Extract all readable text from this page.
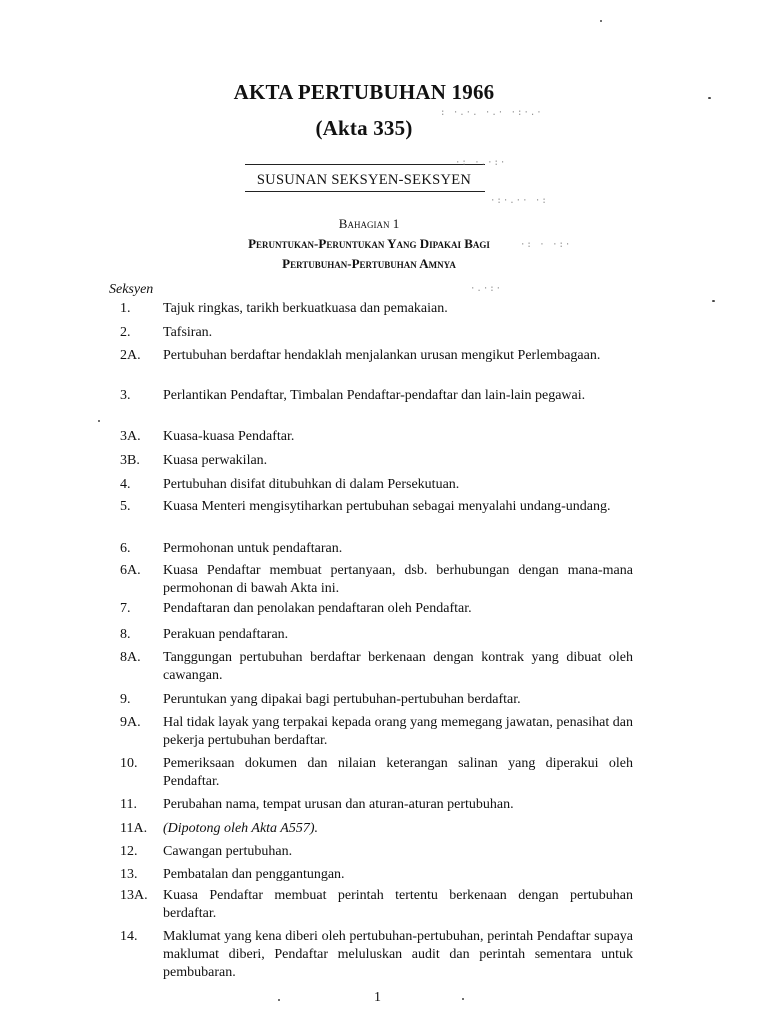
AKTA PERTUBUHAN 1966
(Akta 335)
SUSUNAN SEKSYEN-SEKSYEN
Bahagian 1
Peruntukan-Peruntukan Yang Dipakai Bagi
Pertubuhan-Pertubuhan Amnya
Seksyen
1.	Tajuk ringkas, tarikh berkuatkuasa dan pemakaian.
2.	Tafsiran.
2A.	Pertubuhan berdaftar hendaklah menjalankan urusan mengikut Perlembagaan.
3.	Perlantikan Pendaftar, Timbalan Pendaftar-pendaftar dan lain-lain pegawai.
3A.	Kuasa-kuasa Pendaftar.
3B.	Kuasa perwakilan.
4.	Pertubuhan disifat ditubuhkan di dalam Persekutuan.
5.	Kuasa Menteri mengisytiharkan pertubuhan sebagai menyalahi undang-undang.
6.	Permohonan untuk pendaftaran.
6A.	Kuasa Pendaftar membuat pertanyaan, dsb. berhubungan dengan mana-mana permohonan di bawah Akta ini.
7.	Pendaftaran dan penolakan pendaftaran oleh Pendaftar.
8.	Perakuan pendaftaran.
8A.	Tanggungan pertubuhan berdaftar berkenaan dengan kontrak yang dibuat oleh cawangan.
9.	Peruntukan yang dipakai bagi pertubuhan-pertubuhan berdaftar.
9A.	Hal tidak layak yang terpakai kepada orang yang memegang jawatan, penasihat dan pekerja pertubuhan berdaftar.
10.	Pemeriksaan dokumen dan nilaian keterangan salinan yang diperakui oleh Pendaftar.
11.	Perubahan nama, tempat urusan dan aturan-aturan pertubuhan.
11A.	(Dipotong oleh Akta A557).
12.	Cawangan pertubuhan.
13.	Pembatalan dan penggantungan.
13A.	Kuasa Pendaftar membuat perintah tertentu berkenaan dengan pertubuhan berdaftar.
14.	Maklumat yang kena diberi oleh pertubuhan-pertubuhan, perintah Pendaftar supaya maklumat diberi, Pendaftar meluluskan audit dan perintah sementara untuk pembubaran.
1
: ·.·. ·.· ·:·.·
·: ·.·:·
·:·.·· ·:
·: · ·:·
·.·:·
